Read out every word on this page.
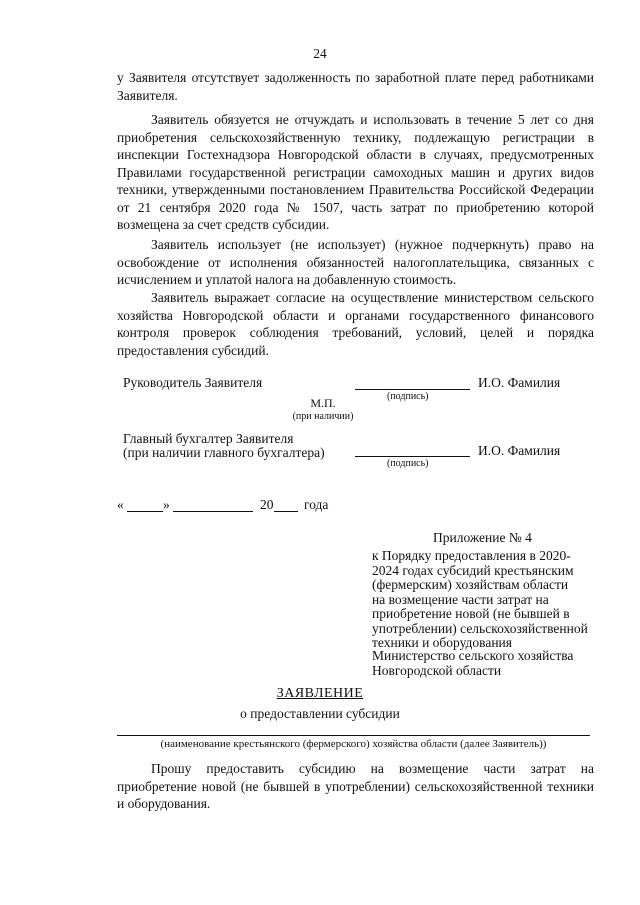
24
у Заявителя отсутствует задолженность по заработной плате перед работниками Заявителя.
Заявитель обязуется не отчуждать и использовать в течение 5 лет со дня приобретения сельскохозяйственную технику, подлежащую регистрации в инспекции Гостехнадзора Новгородской области в случаях, предусмотренных Правилами государственной регистрации самоходных машин и других видов техники, утвержденными постановлением Правительства Российской Федерации от 21 сентября 2020 года № 1507, часть затрат по приобретению которой возмещена за счет средств субсидии.
Заявитель использует (не использует) (нужное подчеркнуть) право на освобождение от исполнения обязанностей налогоплательщика, связанных с исчислением и уплатой налога на добавленную стоимость.
Заявитель выражает согласие на осуществление министерством сельского хозяйства Новгородской области и органами государственного финансового контроля проверок соблюдения требований, условий, целей и порядка предоставления субсидий.
Руководитель Заявителя	И.О. Фамилия
(подпись)
М.П.
(при наличии)
Главный бухгалтер Заявителя
(при наличии главного бухгалтера)	И.О. Фамилия
(подпись)
«	»	20 года
Приложение № 4
к Порядку предоставления в 2020-
2024 годах субсидий крестьянским
(фермерским) хозяйствам области
на возмещение части затрат на
приобретение новой (не бывшей в
употреблении) сельскохозяйственной
техники и оборудования
Министерство сельского хозяйства
Новгородской области
ЗАЯВЛЕНИЕ
о предоставлении субсидии
(наименование крестьянского (фермерского) хозяйства области (далее Заявитель))
Прошу предоставить субсидию на возмещение части затрат на приобретение новой (не бывшей в употреблении) сельскохозяйственной техники и оборудования.
